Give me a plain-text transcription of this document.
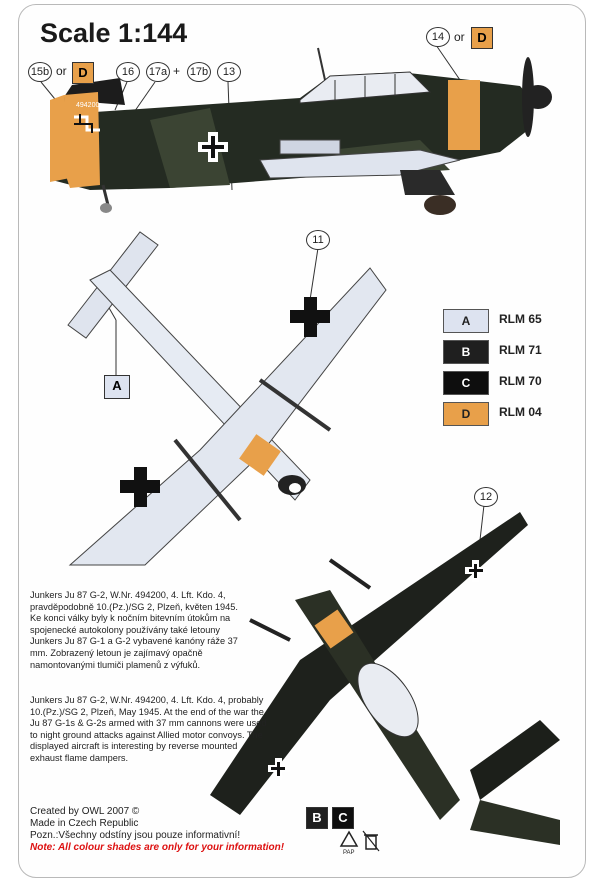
Scale 1:144
494200
15b or D	16	17a + 17b	13
14 or D
11
12
A
A	RLM 65
B	RLM 71
C	RLM 70
D	RLM 04
Junkers Ju 87 G-2, W.Nr. 494200, 4. Lft. Kdo. 4,
pravděpodobně 10.(Pz.)/SG 2, Plzeň, květen 1945.
Ke konci války byly k nočním bitevním útokům na
spojenecké autokolony používány také letouny
Junkers Ju 87 G-1 a G-2 vybavené kanóny ráže 37
mm. Zobrazený letoun je zajímavý opačně
namontovanými tlumiči plamenů z výfuků.
Junkers Ju 87 G-2, W.Nr. 494200, 4. Lft. Kdo. 4, probably
10.(Pz.)/SG 2, Plzeň, May 1945. At the end of the war the
Ju 87 G-1s & G-2s armed with 37 mm cannons were used
to night ground attacks against Allied motor convoys. The
displayed aircraft is interesting by reverse mounted
exhaust flame dampers.
Created by OWL 2007 ©
Made in Czech Republic
Pozn.:Všechny odstíny jsou pouze informativní!
Note: All colour shades are only for your information!
B	C
PAP
